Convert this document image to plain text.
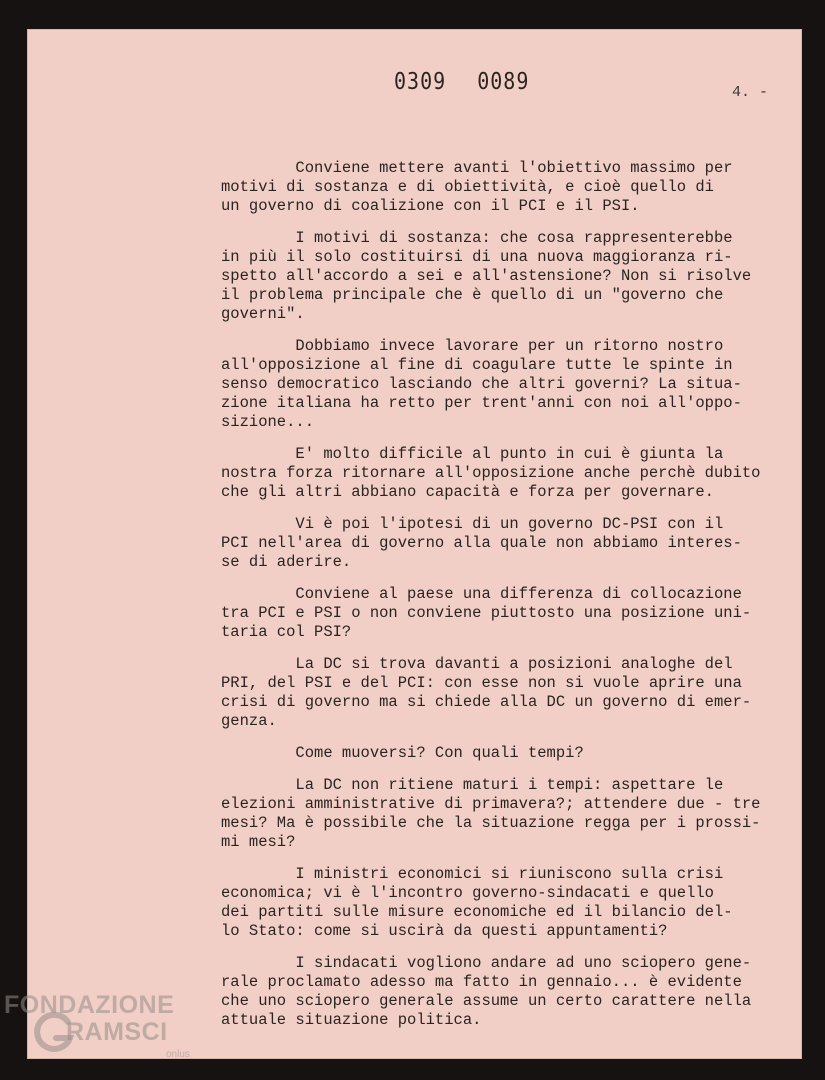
0309 0089	4. -
Conviene mettere avanti l'obiettivo massimo per
motivi di sostanza e di obiettività, e cioè quello di
un governo di coalizione con il PCI e il PSI.
I motivi di sostanza: che cosa rappresenterebbe
in più il solo costituirsi di una nuova maggioranza ri-
spetto all'accordo a sei e all'astensione? Non si risolve
il problema principale che è quello di un "governo che
governi".
Dobbiamo invece lavorare per un ritorno nostro
all'opposizione al fine di coagulare tutte le spinte in
senso democratico lasciando che altri governi? La situa-
zione italiana ha retto per trent'anni con noi all'oppo-
sizione...
E' molto difficile al punto in cui è giunta la
nostra forza ritornare all'opposizione anche perchè dubito
che gli altri abbiano capacità e forza per governare.
Vi è poi l'ipotesi di un governo DC-PSI con il
PCI nell'area di governo alla quale non abbiamo interes-
se di aderire.
Conviene al paese una differenza di collocazione
tra PCI e PSI o non conviene piuttosto una posizione uni-
taria col PSI?
La DC si trova davanti a posizioni analoghe del
PRI, del PSI e del PCI: con esse non si vuole aprire una
crisi di governo ma si chiede alla DC un governo di emer-
genza.
Come muoversi? Con quali tempi?
La DC non ritiene maturi i tempi: aspettare le
elezioni amministrative di primavera?; attendere due - tre
mesi? Ma è possibile che la situazione regga per i prossi-
mi mesi?
I ministri economici si riuniscono sulla crisi
economica; vi è l'incontro governo-sindacati e quello
dei partiti sulle misure economiche ed il bilancio del-
lo Stato: come si uscirà da questi appuntamenti?
I sindacati vogliono andare ad uno sciopero gene-
rale proclamato adesso ma fatto in gennaio... è evidente
che uno sciopero generale assume un certo carattere nella
attuale situazione politica.
FONDAZIONE
RAMSCI
onlus
